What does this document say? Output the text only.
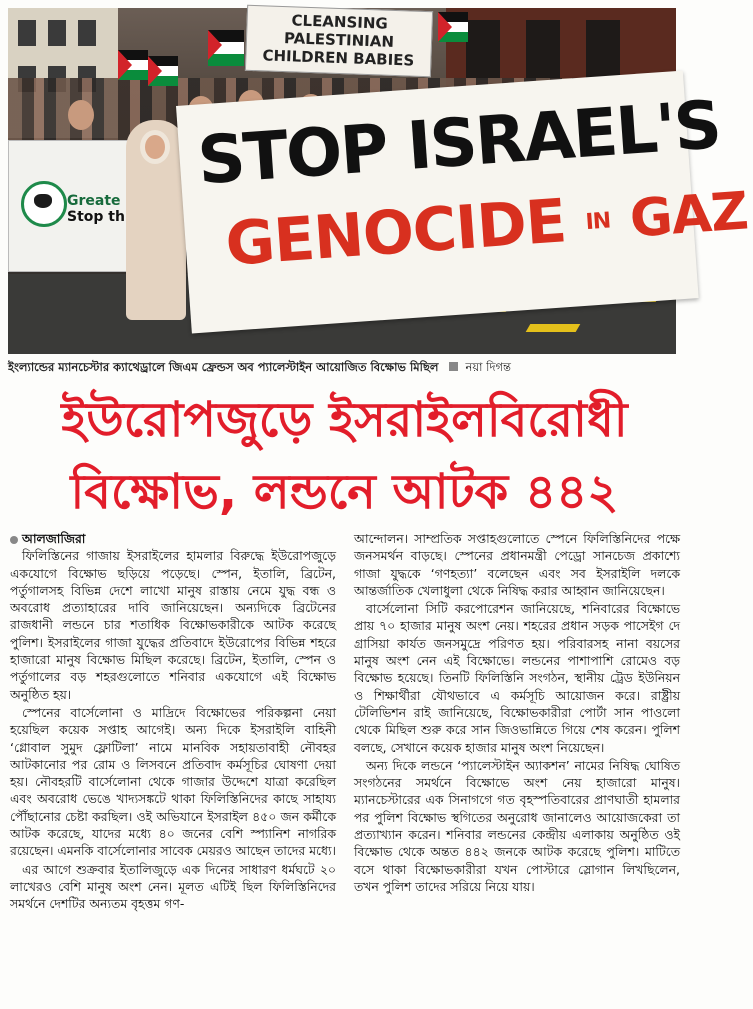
CLEANSING PALESTINIAN CHILDREN BABIES
Greate
Stop th
STOP ISRAEL'S
GENOCIDE IN GAZ
ইংল্যান্ডের ম্যানচেস্টার ক্যাথেড্রালে জিএম ফ্রেন্ডস অব প্যালেস্টাইন আয়োজিত বিক্ষোভ মিছিল নয়া দিগন্ত
ইউরোপজুড়ে ইসরাইলবিরোধী
বিক্ষোভ, লন্ডনে আটক ৪৪২
আলজাজিরা

ফিলিস্তিনের গাজায় ইসরাইলের হামলার বিরুদ্ধে ইউরোপজুড়ে একযোগে বিক্ষোভ ছড়িয়ে পড়েছে। স্পেন, ইতালি, ব্রিটেন, পর্তুগালসহ বিভিন্ন দেশে লাখো মানুষ রাস্তায় নেমে যুদ্ধ বন্ধ ও অবরোধ প্রত্যাহারের দাবি জানিয়েছেন। অন্যদিকে ব্রিটেনের রাজধানী লন্ডনে চার শতাধিক বিক্ষোভকারীকে আটক করেছে পুলিশ। ইসরাইলের গাজা যুদ্ধের প্রতিবাদে ইউরোপের বিভিন্ন শহরে হাজারো মানুষ বিক্ষোভ মিছিল করেছে। ব্রিটেন, ইতালি, স্পেন ও পর্তুগালের বড় শহরগুলোতে শনিবার একযোগে এই বিক্ষোভ অনুষ্ঠিত হয়।

স্পেনের বার্সেলোনা ও মাদ্রিদে বিক্ষোভের পরিকল্পনা নেয়া হয়েছিল কয়েক সপ্তাহ আগেই। অন্য দিকে ইসরাইলি বাহিনী ‘গ্লোবাল সুমুদ ফ্লোটিলা’ নামে মানবিক সহায়তাবাহী নৌবহর আটকানোর পর রোম ও লিসবনে প্রতিবাদ কর্মসূচির ঘোষণা দেয়া হয়। নৌবহরটি বার্সেলোনা থেকে গাজার উদ্দেশে যাত্রা করেছিল এবং অবরোধ ভেঙে খাদ্যসঙ্কটে থাকা ফিলিস্তিনিদের কাছে সাহায্য পৌঁছানোর চেষ্টা করছিল। ওই অভিযানে ইসরাইল ৪৫০ জন কর্মীকে আটক করেছে, যাদের মধ্যে ৪০ জনের বেশি স্প্যানিশ নাগরিক রয়েছেন। এমনকি বার্সেলোনার সাবেক মেয়রও আছেন তাদের মধ্যে।

এর আগে শুক্রবার ইতালিজুড়ে এক দিনের সাধারণ ধর্মঘটে ২০ লাখেরও বেশি মানুষ অংশ নেন। মূলত এটিই ছিল ফিলিস্তিনিদের সমর্থনে দেশটির অন্যতম বৃহত্তম গণ-

আন্দোলন। সাম্প্রতিক সপ্তাহগুলোতে স্পেনে ফিলিস্তিনিদের পক্ষে জনসমর্থন বাড়ছে। স্পেনের প্রধানমন্ত্রী পেড্রো সানচেজ প্রকাশ্যে গাজা যুদ্ধকে ‘গণহত্যা’ বলেছেন এবং সব ইসরাইলি দলকে আন্তর্জাতিক খেলাধুলা থেকে নিষিদ্ধ করার আহ্বান জানিয়েছেন।

বার্সেলোনা সিটি করপোরেশন জানিয়েছে, শনিবারের বিক্ষোভে প্রায় ৭০ হাজার মানুষ অংশ নেয়। শহরের প্রধান সড়ক পাসেইগ দে গ্রাসিয়া কার্যত জনসমুদ্রে পরিণত হয়। পরিবারসহ নানা বয়সের মানুষ অংশ নেন এই বিক্ষোভে। লন্ডনের পাশাপাশি রোমেও বড় বিক্ষোভ হয়েছে। তিনটি ফিলিস্তিনি সংগঠন, স্থানীয় ট্রেড ইউনিয়ন ও শিক্ষার্থীরা যৌথভাবে এ কর্মসূচি আয়োজন করে। রাষ্ট্রীয় টেলিভিশন রাই জানিয়েছে, বিক্ষোভকারীরা পোর্টা সান পাওলো থেকে মিছিল শুরু করে সান জিওভান্নিতে গিয়ে শেষ করেন। পুলিশ বলছে, সেখানে কয়েক হাজার মানুষ অংশ নিয়েছেন।

অন্য দিকে লন্ডনে ‘প্যালেস্টাইন অ্যাকশন’ নামের নিষিদ্ধ ঘোষিত সংগঠনের সমর্থনে বিক্ষোভে অংশ নেয় হাজারো মানুষ। ম্যানচেস্টারের এক সিনাগগে গত বৃহস্পতিবারের প্রাণঘাতী হামলার পর পুলিশ বিক্ষোভ স্থগিতের অনুরোধ জানালেও আয়োজকেরা তা প্রত্যাখ্যান করেন। শনিবার লন্ডনের কেন্দ্রীয় এলাকায় অনুষ্ঠিত ওই বিক্ষোভ থেকে অন্তত ৪৪২ জনকে আটক করেছে পুলিশ। মাটিতে বসে থাকা বিক্ষোভকারীরা যখন পোস্টারে স্লোগান লিখছিলেন, তখন পুলিশ তাদের সরিয়ে নিয়ে যায়।
